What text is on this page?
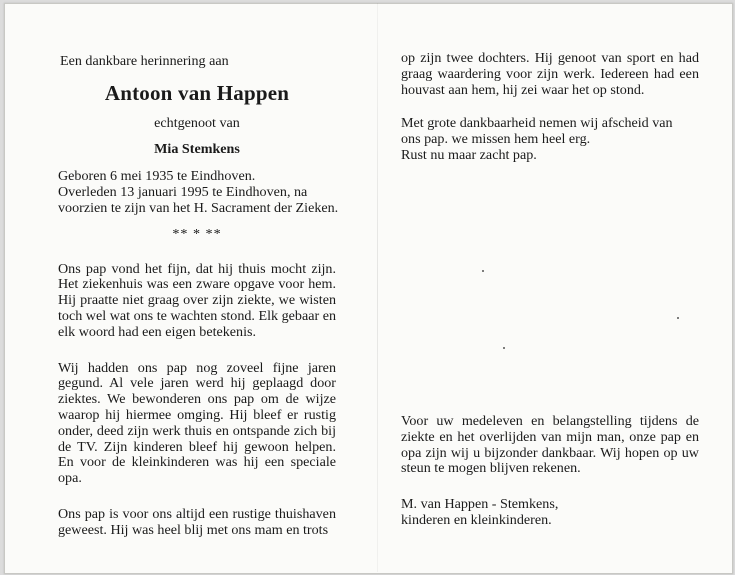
Een dankbare herinnering aan

Antoon van Happen

echtgenoot van

Mia Stemkens

Geboren 6 mei 1935 te Eindhoven.
Overleden 13 januari 1995 te Eindhoven, na
voorzien te zijn van het H. Sacrament der Zieken.

** * **

Ons pap vond het fijn, dat hij thuis mocht zijn. Het ziekenhuis was een zware opgave voor hem. Hij praatte niet graag over zijn ziekte, we wisten toch wel wat ons te wachten stond. Elk gebaar en elk woord had een eigen betekenis.
Wij hadden ons pap nog zoveel fijne jaren gegund. Al vele jaren werd hij geplaagd door ziektes. We bewonderen ons pap om de wijze waarop hij hiermee omging. Hij bleef er rustig onder, deed zijn werk thuis en ontspande zich bij de TV. Zijn kinderen bleef hij gewoon helpen. En voor de kleinkinderen was hij een speciale opa.
Ons pap is voor ons altijd een rustige thuishaven geweest. Hij was heel blij met ons mam en trots
op zijn twee dochters. Hij genoot van sport en had graag waardering voor zijn werk. Iedereen had een houvast aan hem, hij zei waar het op stond.
Met grote dankbaarheid nemen wij afscheid van
ons pap. we missen hem heel erg.
Rust nu maar zacht pap.
Voor uw medeleven en belangstelling tijdens de ziekte en het overlijden van mijn man, onze pap en opa zijn wij u bijzonder dankbaar. Wij hopen op uw steun te mogen blijven rekenen.
M. van Happen - Stemkens,
kinderen en kleinkinderen.
